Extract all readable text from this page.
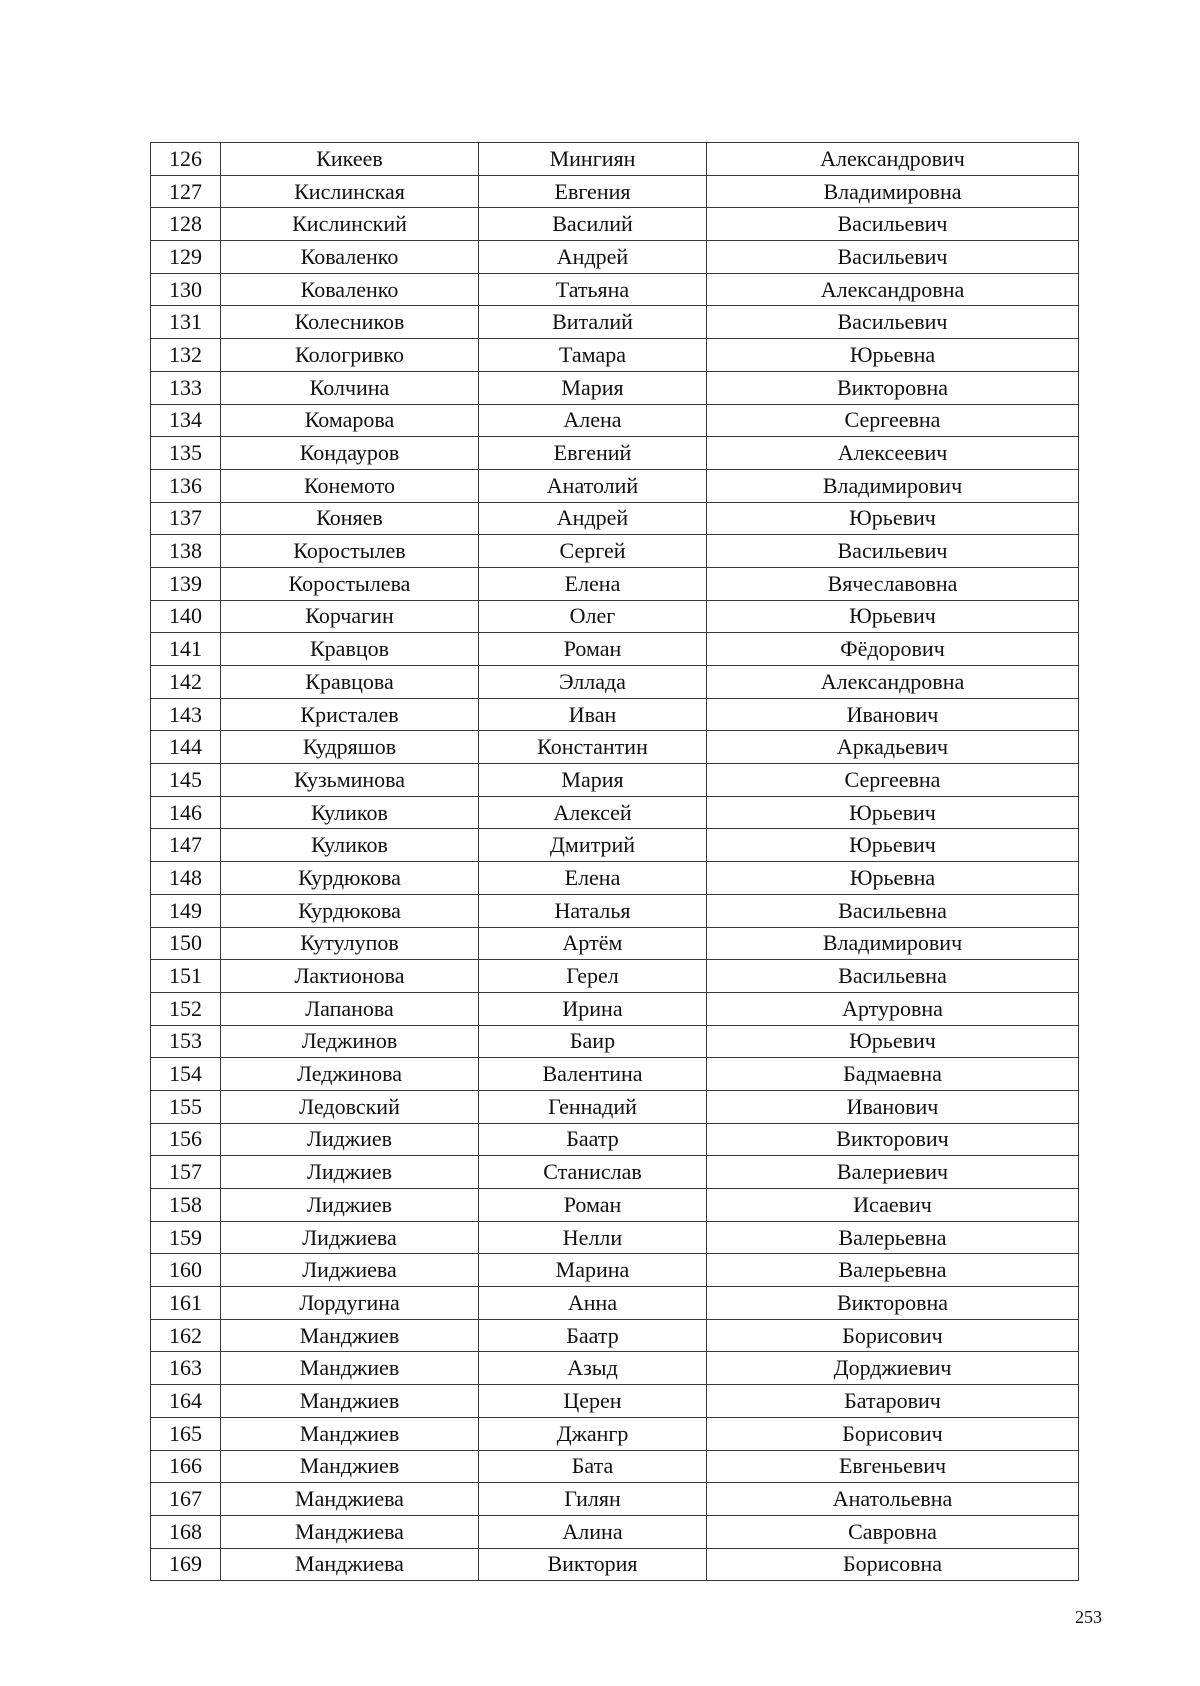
126	Кикеев	Мингиян	Александрович
127	Кислинская	Евгения	Владимировна
128	Кислинский	Василий	Васильевич
129	Коваленко	Андрей	Васильевич
130	Коваленко	Татьяна	Александровна
131	Колесников	Виталий	Васильевич
132	Кологривко	Тамара	Юрьевна
133	Колчина	Мария	Викторовна
134	Комарова	Алена	Сергеевна
135	Кондауров	Евгений	Алексеевич
136	Конемото	Анатолий	Владимирович
137	Коняев	Андрей	Юрьевич
138	Коростылев	Сергей	Васильевич
139	Коростылева	Елена	Вячеславовна
140	Корчагин	Олег	Юрьевич
141	Кравцов	Роман	Фёдорович
142	Кравцова	Эллада	Александровна
143	Кристалев	Иван	Иванович
144	Кудряшов	Константин	Аркадьевич
145	Кузьминова	Мария	Сергеевна
146	Куликов	Алексей	Юрьевич
147	Куликов	Дмитрий	Юрьевич
148	Курдюкова	Елена	Юрьевна
149	Курдюкова	Наталья	Васильевна
150	Кутулупов	Артём	Владимирович
151	Лактионова	Герел	Васильевна
152	Лапанова	Ирина	Артуровна
153	Леджинов	Баир	Юрьевич
154	Леджинова	Валентина	Бадмаевна
155	Ледовский	Геннадий	Иванович
156	Лиджиев	Баатр	Викторович
157	Лиджиев	Станислав	Валериевич
158	Лиджиев	Роман	Исаевич
159	Лиджиева	Нелли	Валерьевна
160	Лиджиева	Марина	Валерьевна
161	Лордугина	Анна	Викторовна
162	Манджиев	Баатр	Борисович
163	Манджиев	Азыд	Дорджиевич
164	Манджиев	Церен	Батарович
165	Манджиев	Джангр	Борисович
166	Манджиев	Бата	Евгеньевич
167	Манджиева	Гилян	Анатольевна
168	Манджиева	Алина	Савровна
169	Манджиева	Виктория	Борисовна
253
